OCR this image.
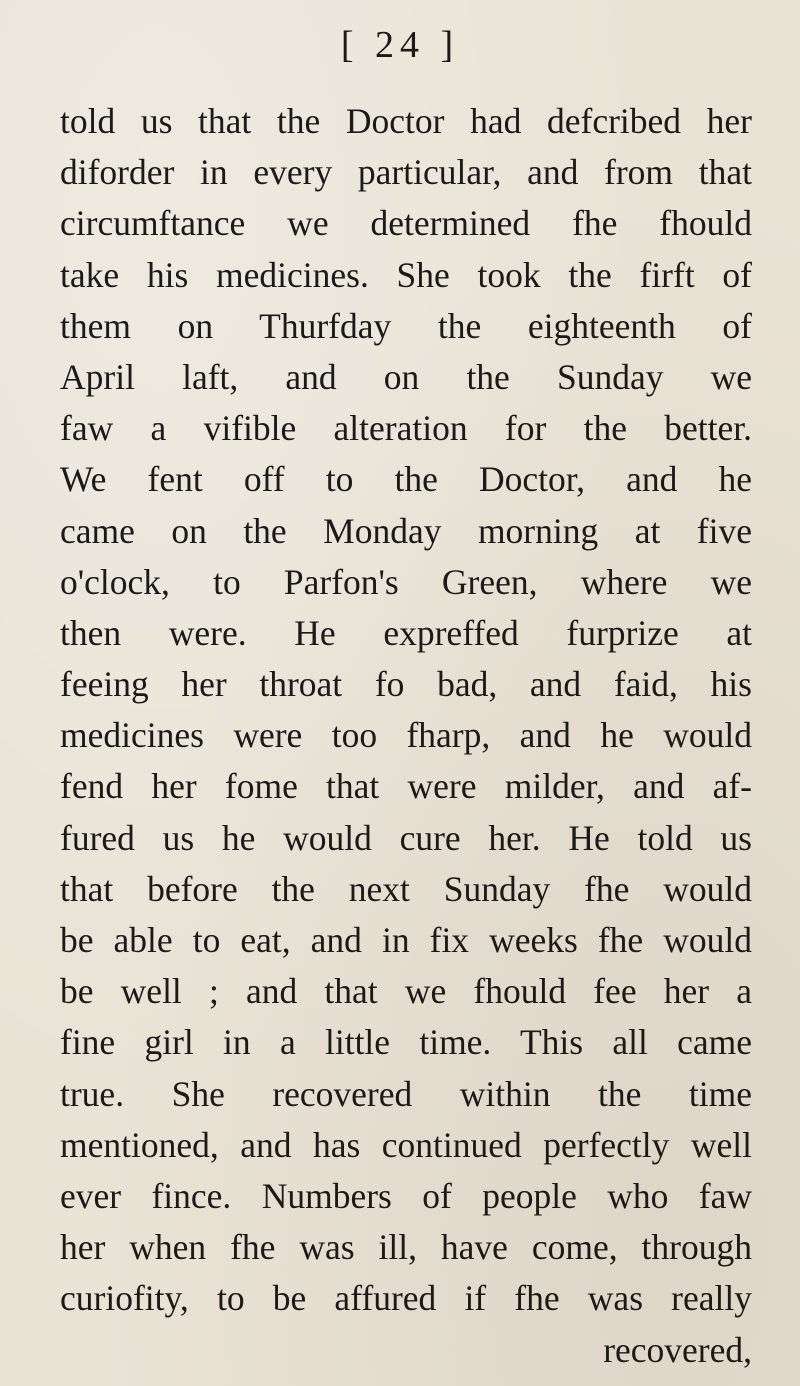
[ 24 ]
told us that the Doctor had defcribed her
diforder in every particular, and from that
circumftance we determined fhe fhould
take his medicines. She took the firft of
them on Thurfday the eighteenth of
April laft, and on the Sunday we
faw a vifible alteration for the better.
We fent off to the Doctor, and he
came on the Monday morning at five
o'clock, to Parfon's Green, where we
then were. He expreffed furprize at
feeing her throat fo bad, and faid, his
medicines were too fharp, and he would
fend her fome that were milder, and af-
fured us he would cure her. He told us
that before the next Sunday fhe would
be able to eat, and in fix weeks fhe would
be well ; and that we fhould fee her a
fine girl in a little time. This all came
true. She recovered within the time
mentioned, and has continued perfectly well
ever fince. Numbers of people who faw
her when fhe was ill, have come, through
curiofity, to be affured if fhe was really
recovered,
